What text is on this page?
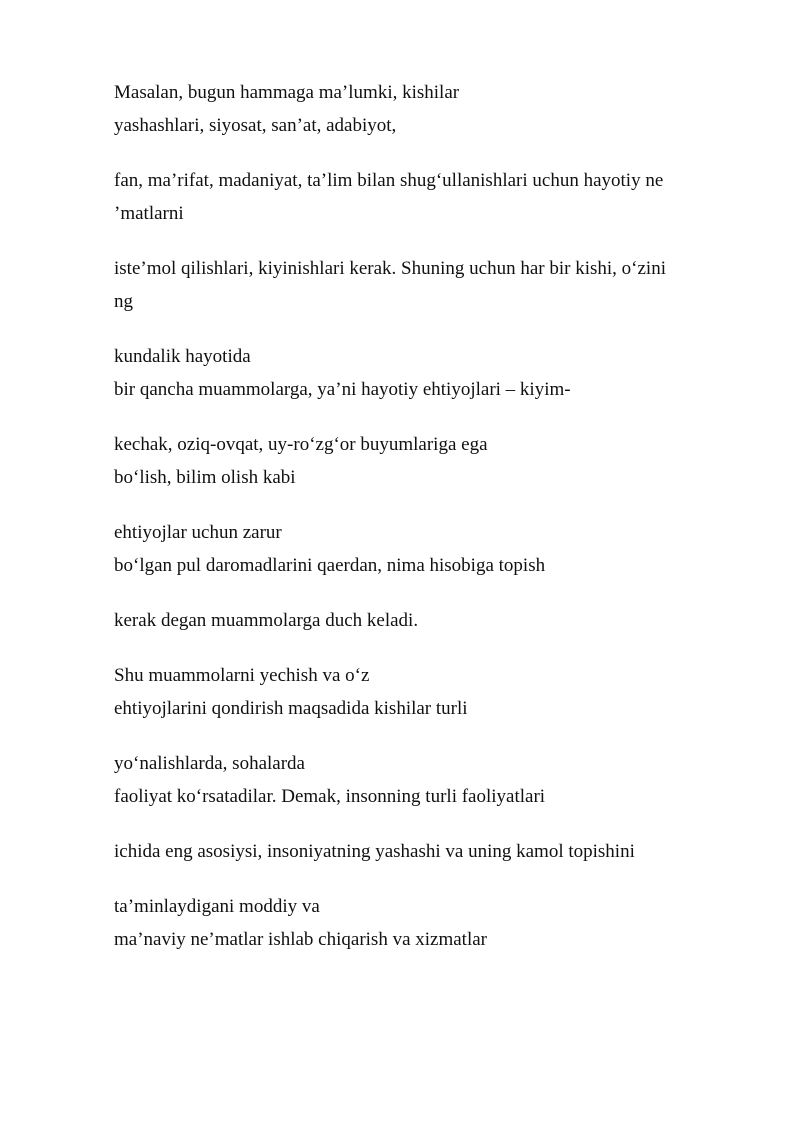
Masalan, bugun hammaga ma’lumki, kishilar
yashashlari, siyosat, san’at, adabiyot,

fan, ma’rifat, madaniyat, ta’lim bilan shug‘ullanishlari uchun hayotiy ne
’matlarni

iste’mol qilishlari, kiyinishlari kerak. Shuning uchun har bir kishi, o‘zini
ng

kundalik hayotida
bir qancha muammolarga, ya’ni hayotiy ehtiyojlari – kiyim-

kechak, oziq-ovqat, uy-ro‘zg‘or buyumlariga ega
bo‘lish, bilim olish kabi

ehtiyojlar uchun zarur
bo‘lgan pul daromadlarini qaerdan, nima hisobiga topish

kerak degan muammolarga duch keladi.

Shu muammolarni yechish va o‘z
ehtiyojlarini qondirish maqsadida kishilar turli

yo‘nalishlarda, sohalarda
faoliyat ko‘rsatadilar. Demak, insonning turli faoliyatlari

ichida eng asosiysi, insoniyatning yashashi va uning kamol topishini

ta’minlaydigani moddiy va
ma’naviy ne’matlar ishlab chiqarish va xizmatlar
